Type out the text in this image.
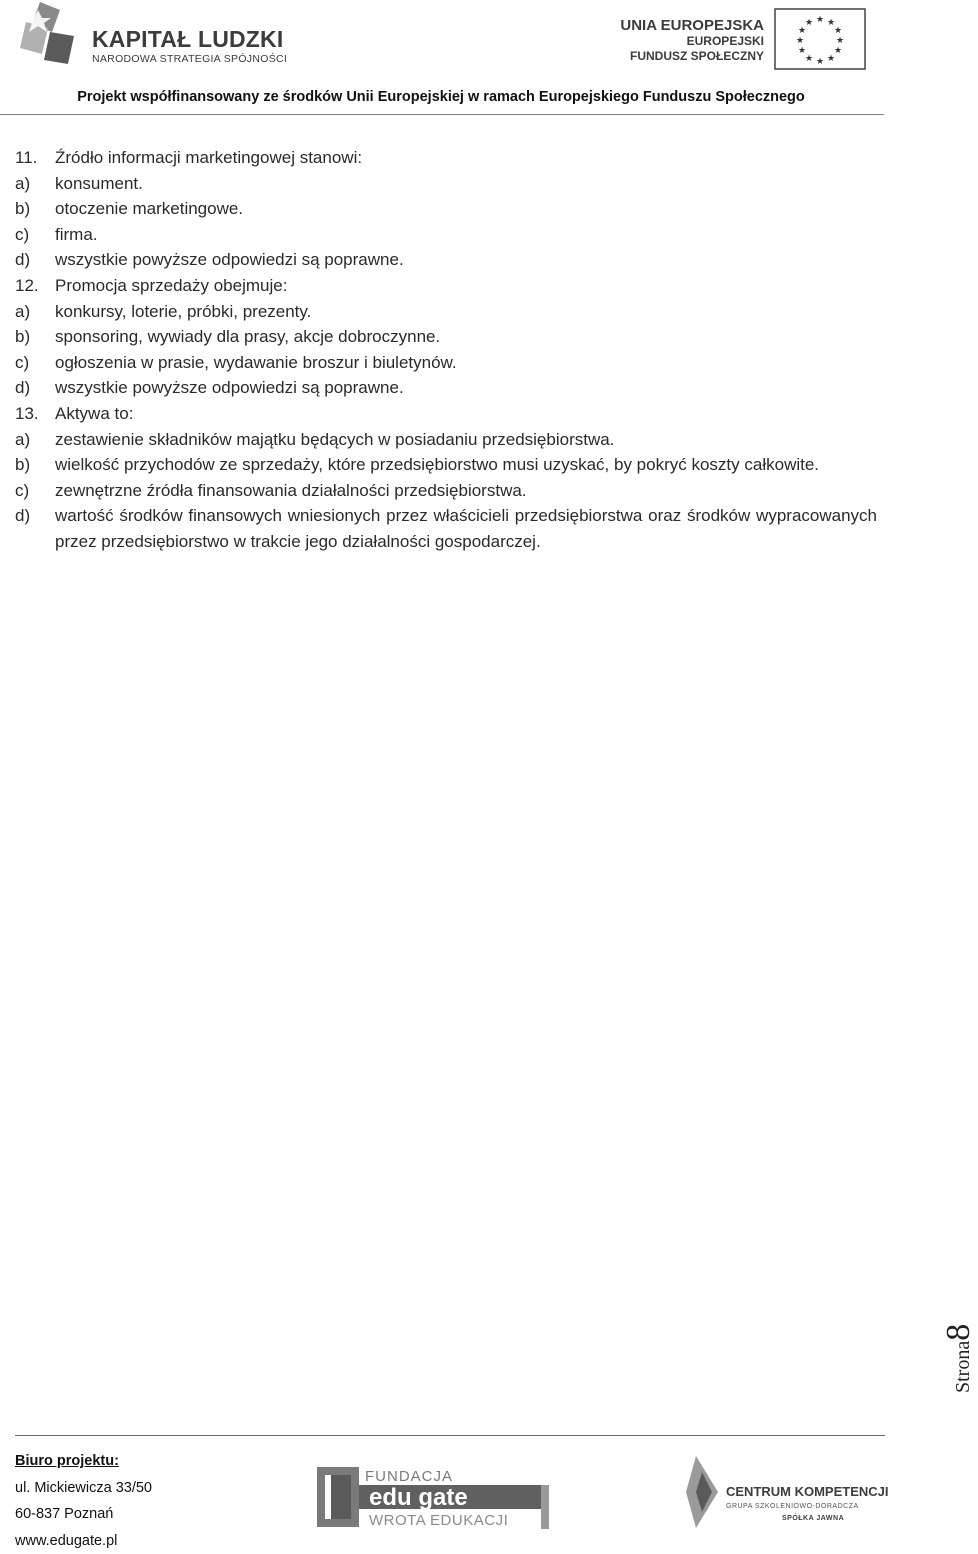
KAPITAŁ LUDZKI
NARODOWA STRATEGIA SPÓJNOŚCI
UNIA EUROPEJSKA
EUROPEJSKI
FUNDUSZ SPOŁECZNY
★ ★
★
★
★
★
★
★
★
★
★
★
Projekt współfinansowany ze środków Unii Europejskiej w ramach Europejskiego Funduszu Społecznego
11.	Źródło informacji marketingowej stanowi:
a)	konsument.
b)	otoczenie marketingowe.
c)	firma.
d)	wszystkie powyższe odpowiedzi są poprawne.
12. Promocja sprzedaży obejmuje:
a)	konkursy, loterie, próbki, prezenty.
b)	sponsoring, wywiady dla prasy, akcje dobroczynne.
c)	ogłoszenia w prasie, wydawanie broszur i biuletynów.
d)	wszystkie powyższe odpowiedzi są poprawne.
13. Aktywa to:
a)	zestawienie składników majątku będących w posiadaniu przedsiębiorstwa.
b)	wielkość przychodów ze sprzedaży, które przedsiębiorstwo musi uzyskać, by pokryć koszty całkowite.
c)	zewnętrzne źródła finansowania działalności przedsiębiorstwa.
d)	wartość środków finansowych wniesionych przez właścicieli przedsiębiorstwa oraz środków wypracowanych przez przedsiębiorstwo w trakcie jego działalności gospodarczej.
Strona8
Biuro projektu:
ul. Mickiewicza 33/50
60-837 Poznań
www.edugate.pl
FUNDACJA
edu gate
WROTA EDUKACJI
CENTRUM KOMPETENCJI
GRUPA SZKOLENIOWO-DORADCZA
SPÓŁKA JAWNA
